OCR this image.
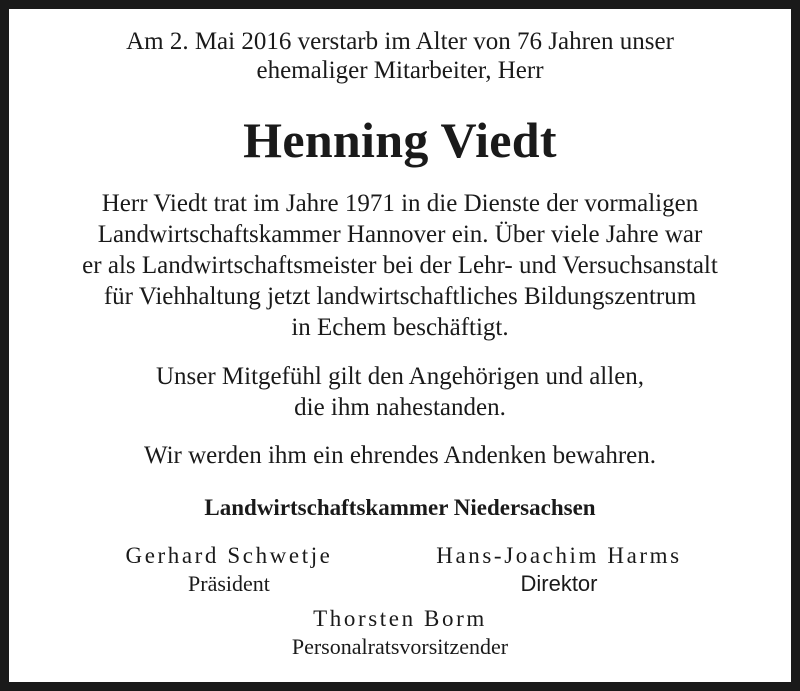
Am 2. Mai 2016 verstarb im Alter von 76 Jahren unser
ehemaliger Mitarbeiter, Herr
Henning Viedt
Herr Viedt trat im Jahre 1971 in die Dienste der vormaligen
Landwirtschaftskammer Hannover ein. Über viele Jahre war
er als Landwirtschaftsmeister bei der Lehr- und Versuchsanstalt
für Viehhaltung jetzt landwirtschaftliches Bildungszentrum
in Echem beschäftigt.
Unser Mitgefühl gilt den Angehörigen und allen,
die ihm nahestanden.
Wir werden ihm ein ehrendes Andenken bewahren.
Landwirtschaftskammer Niedersachsen
Gerhard Schwetje
Präsident
Hans-Joachim Harms
Direktor
Thorsten Borm
Personalratsvorsitzender
